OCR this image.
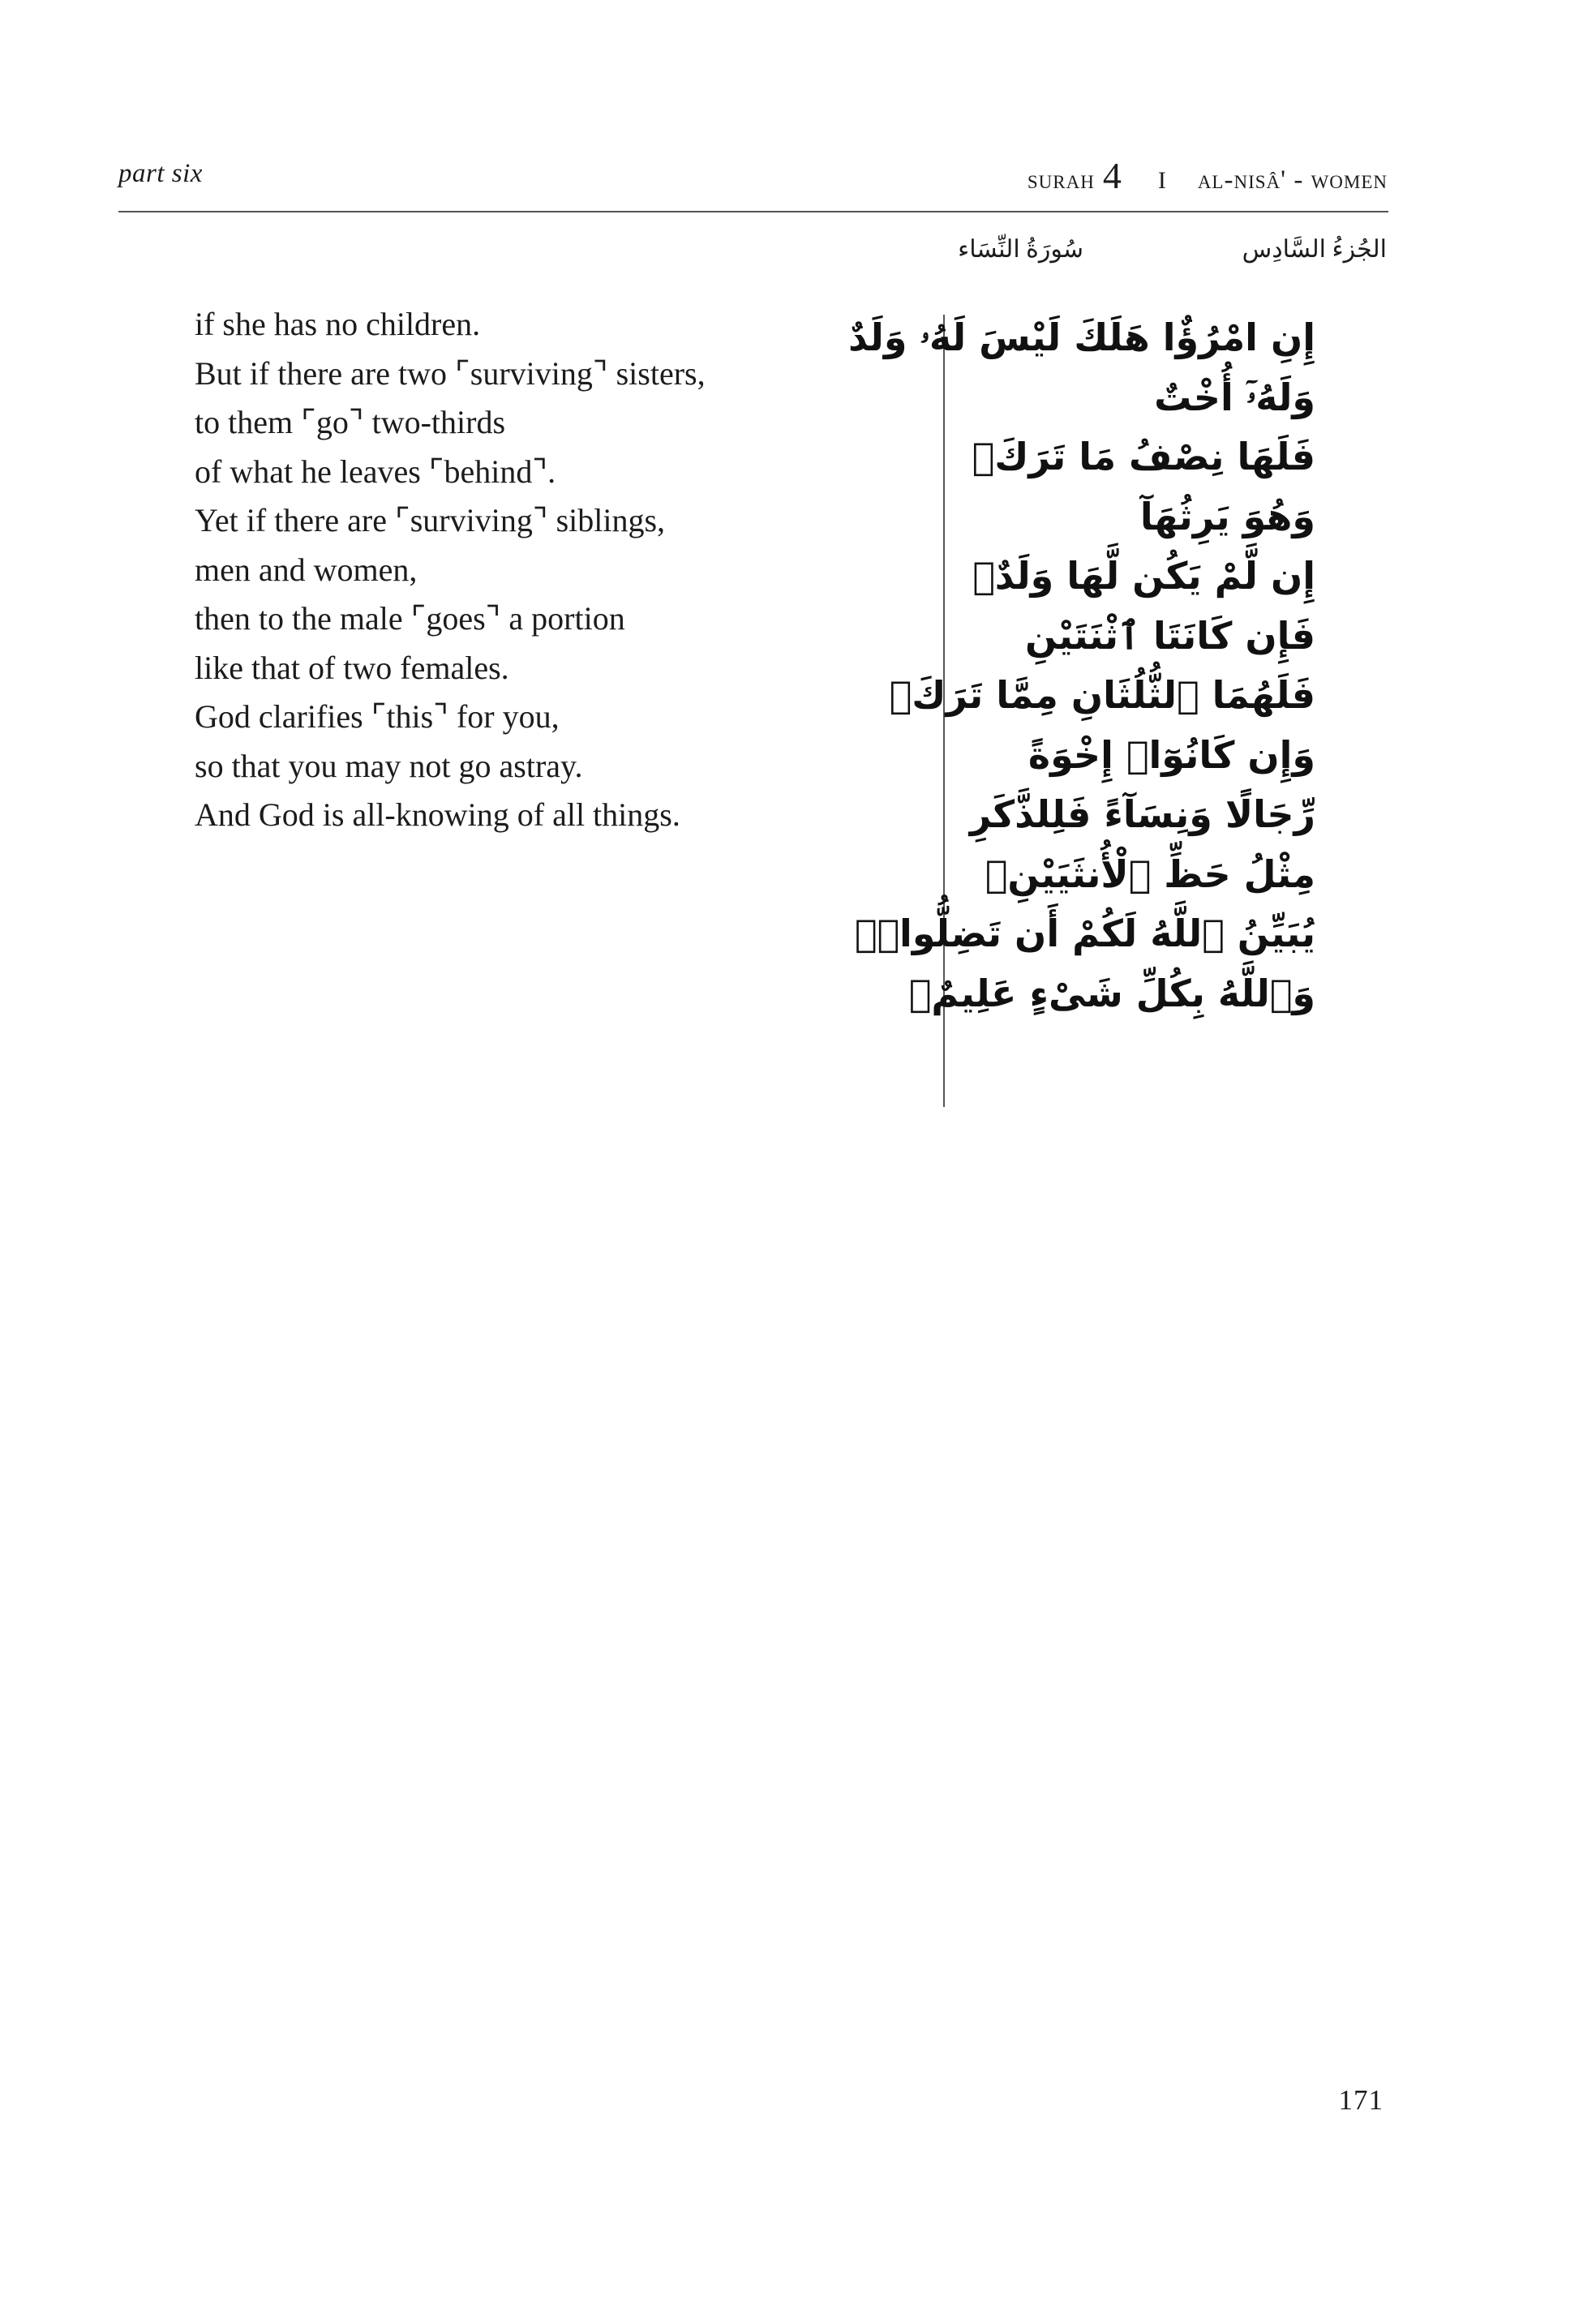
part six	surah 4 I al-nisâ' - women
سُورَةُ النِّسَاء	الجُزءُ السَّادِس
if she has no children.
But if there are two ⌜surviving⌝ sisters,
to them ⌜go⌝ two-thirds
of what he leaves ⌜behind⌝.
Yet if there are ⌜surviving⌝ siblings,
men and women,
then to the male ⌜goes⌝ a portion
like that of two females.
God clarifies ⌜this⌝ for you,
so that you may not go astray.
And God is all-knowing of all things.
إِنِ امْرُؤٌا هَلَكَ لَيْسَ لَهُۥ وَلَدٌ
وَلَهُۥٓ أُخْتٌ
فَلَهَا نِصْفُ مَا تَرَكَۚ
وَهُوَ يَرِثُهَآ
إِن لَّمْ يَكُن لَّهَا وَلَدٌۚ
فَإِن كَانَتَا ٱثْنَتَيْنِ
فَلَهُمَا ٱلثُّلُثَانِ مِمَّا تَرَكَۚ
وَإِن كَانُوٓا۟ إِخْوَةً
رِّجَالًا وَنِسَآءً فَلِلذَّكَرِ
مِثْلُ حَظِّ ٱلْأُنثَيَيْنِۗ
يُبَيِّنُ ٱللَّهُ لَكُمْ أَن تَضِلُّوا۟ۗ
وَٱللَّهُ بِكُلِّ شَىْءٍ عَلِيمٌۢ
171
